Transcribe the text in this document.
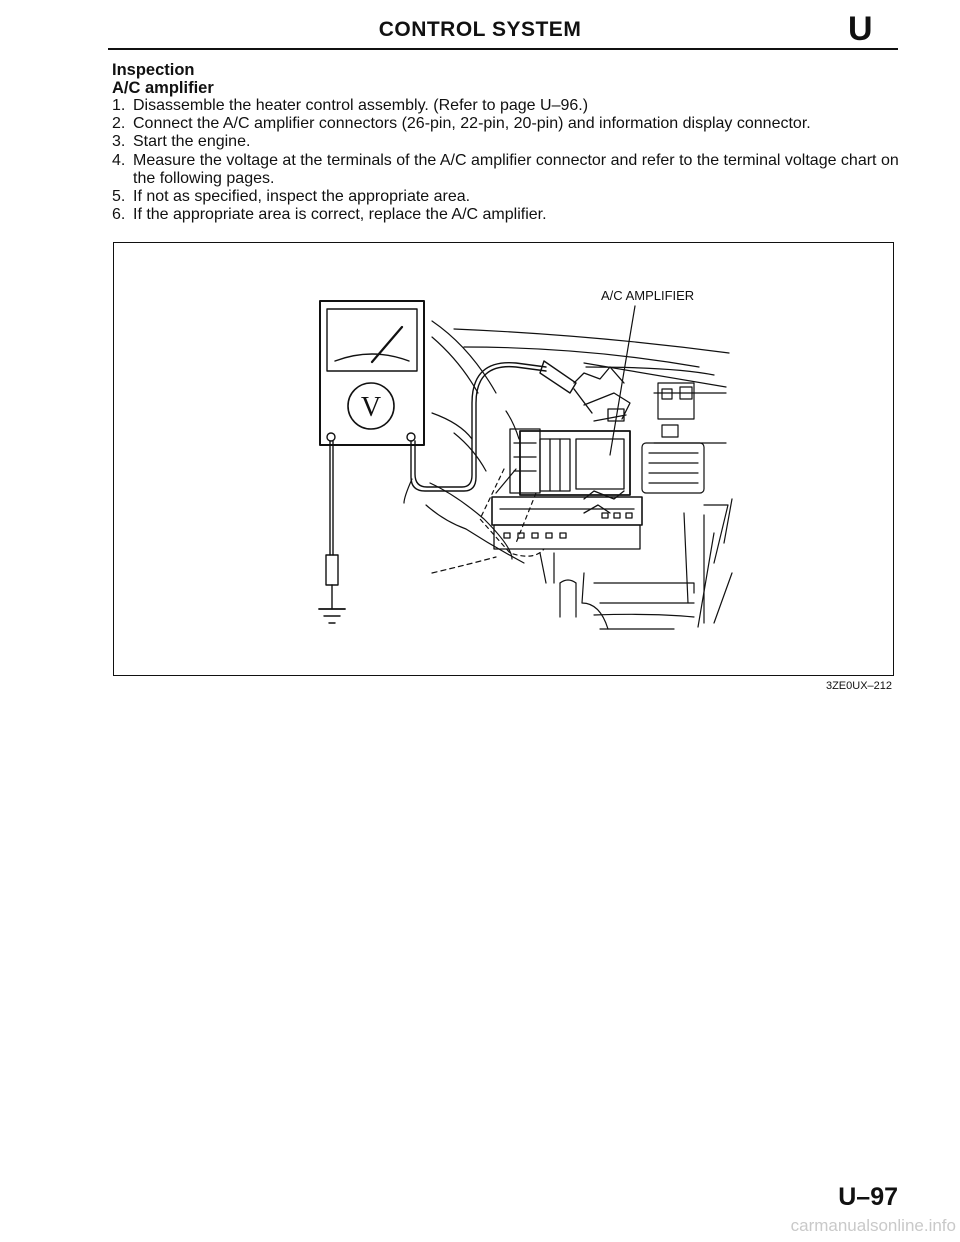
CONTROL SYSTEM	U
Inspection
A/C amplifier
1. Disassemble the heater control assembly. (Refer to page U–96.)
2. Connect the A/C amplifier connectors (26-pin, 22-pin, 20-pin) and information display connector.
3. Start the engine.
4. Measure the voltage at the terminals of the A/C amplifier connector and refer to the terminal voltage chart on the following pages.
5. If not as specified, inspect the appropriate area.
6. If the appropriate area is correct, replace the A/C amplifier.
V
A/C AMPLIFIER
3ZE0UX–212
U–97
carmanualsonline.info
